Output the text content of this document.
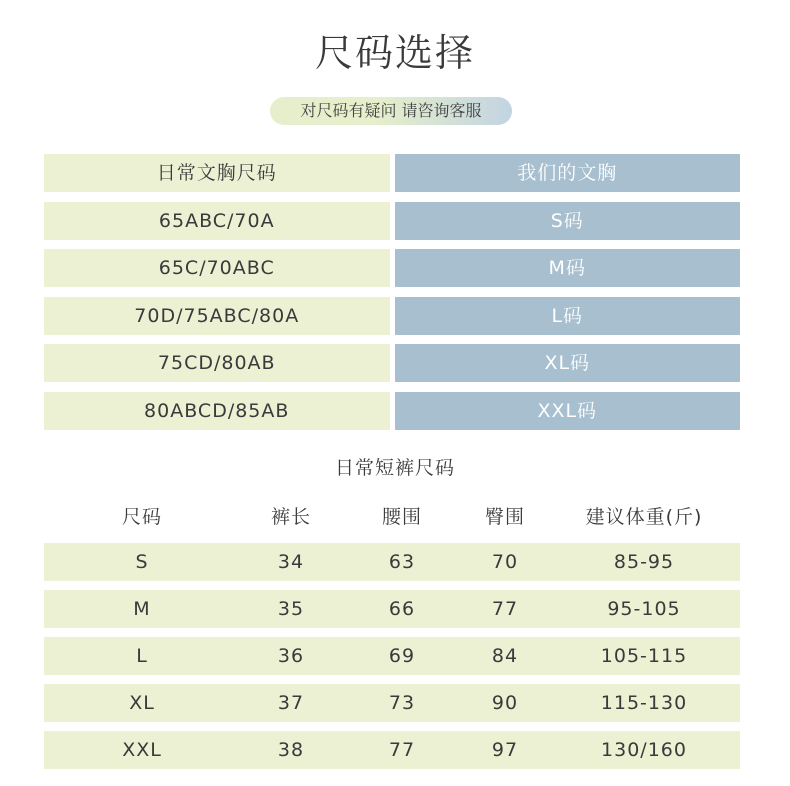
尺码选择
对尺码有疑问 请咨询客服
日常文胸尺码	我们的文胸
65ABC/70A	S码
65C/70ABC	M码
70D/75ABC/80A	L码
75CD/80AB	XL码
80ABCD/85AB	XXL码
日常短裤尺码
尺码	裤长	腰围	臀围	建议体重(斤)
S	34	63	70	85-95
M	35	66	77	95-105
L	36	69	84	105-115
XL	37	73	90	115-130
XXL	38	77	97	130/160
